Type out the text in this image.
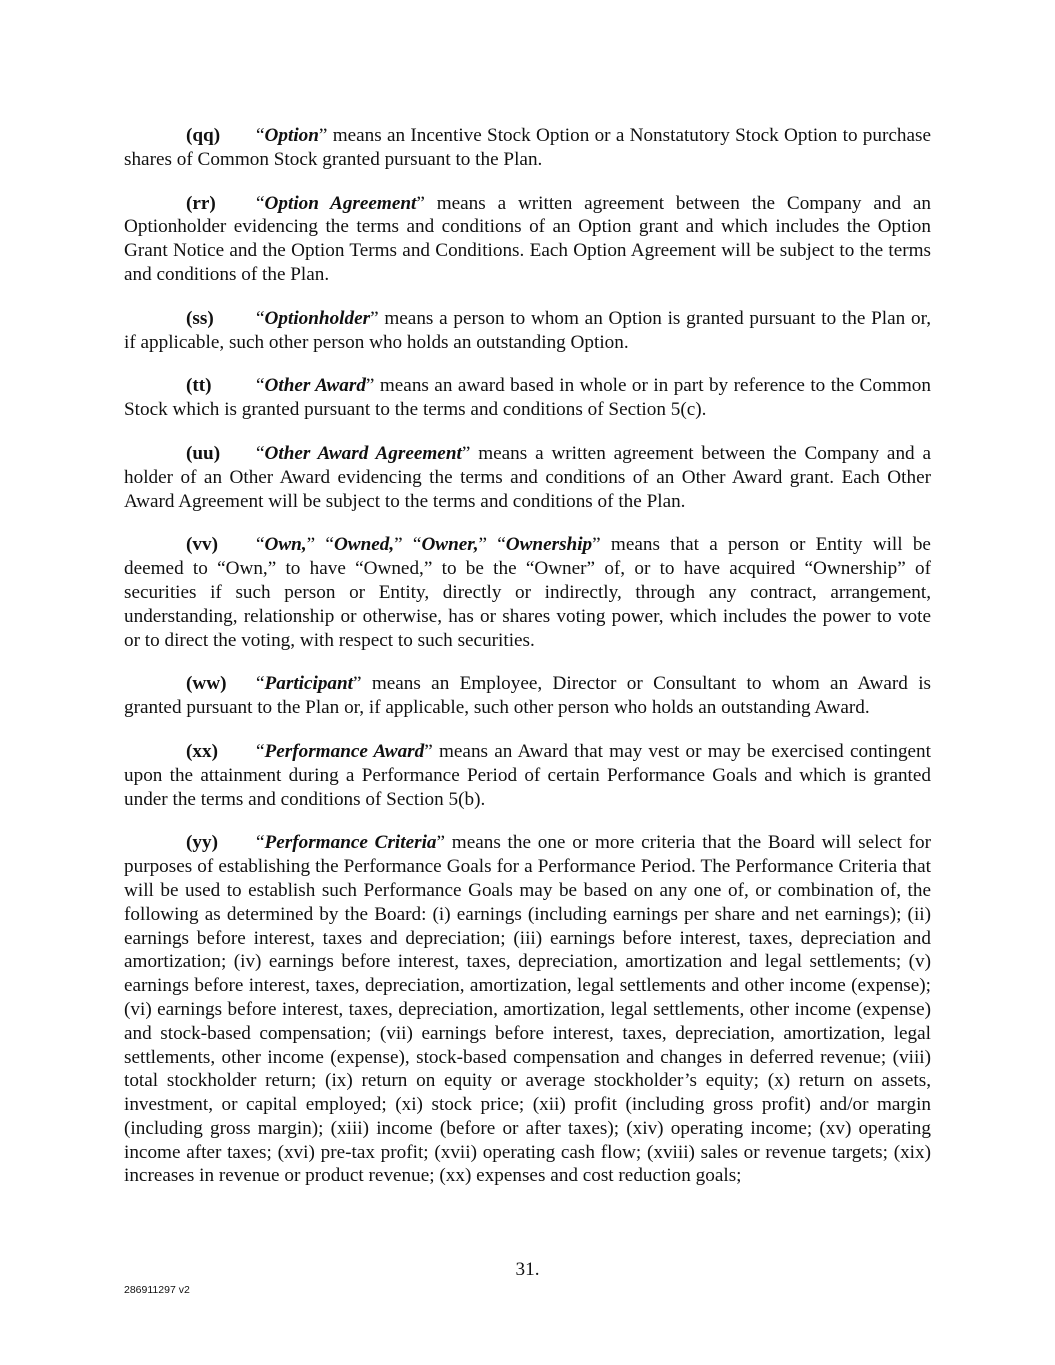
(qq) “Option” means an Incentive Stock Option or a Nonstatutory Stock Option to purchase shares of Common Stock granted pursuant to the Plan.

(rr) “Option Agreement” means a written agreement between the Company and an Optionholder evidencing the terms and conditions of an Option grant and which includes the Option Grant Notice and the Option Terms and Conditions. Each Option Agreement will be subject to the terms and conditions of the Plan.

(ss) “Optionholder” means a person to whom an Option is granted pursuant to the Plan or, if applicable, such other person who holds an outstanding Option.

(tt) “Other Award” means an award based in whole or in part by reference to the Common Stock which is granted pursuant to the terms and conditions of Section 5(c).

(uu) “Other Award Agreement” means a written agreement between the Company and a holder of an Other Award evidencing the terms and conditions of an Other Award grant. Each Other Award Agreement will be subject to the terms and conditions of the Plan.

(vv) “Own,” “Owned,” “Owner,” “Ownership” means that a person or Entity will be deemed to “Own,” to have “Owned,” to be the “Owner” of, or to have acquired “Ownership” of securities if such person or Entity, directly or indirectly, through any contract, arrangement, understanding, relationship or otherwise, has or shares voting power, which includes the power to vote or to direct the voting, with respect to such securities.

(ww) “Participant” means an Employee, Director or Consultant to whom an Award is granted pursuant to the Plan or, if applicable, such other person who holds an outstanding Award.

(xx) “Performance Award” means an Award that may vest or may be exercised contingent upon the attainment during a Performance Period of certain Performance Goals and which is granted under the terms and conditions of Section 5(b).

(yy) “Performance Criteria” means the one or more criteria that the Board will select for purposes of establishing the Performance Goals for a Performance Period. The Performance Criteria that will be used to establish such Performance Goals may be based on any one of, or combination of, the following as determined by the Board: (i) earnings (including earnings per share and net earnings); (ii) earnings before interest, taxes and depreciation; (iii) earnings before interest, taxes, depreciation and amortization; (iv) earnings before interest, taxes, depreciation, amortization and legal settlements; (v) earnings before interest, taxes, depreciation, amortization, legal settlements and other income (expense); (vi) earnings before interest, taxes, depreciation, amortization, legal settlements, other income (expense) and stock-based compensation; (vii) earnings before interest, taxes, depreciation, amortization, legal settlements, other income (expense), stock-based compensation and changes in deferred revenue; (viii) total stockholder return; (ix) return on equity or average stockholder’s equity; (x) return on assets, investment, or capital employed; (xi) stock price; (xii) profit (including gross profit) and/or margin (including gross margin); (xiii) income (before or after taxes); (xiv) operating income; (xv) operating income after taxes; (xvi) pre-tax profit; (xvii) operating cash flow; (xviii) sales or revenue targets; (xix) increases in revenue or product revenue; (xx) expenses and cost reduction goals;

31.
286911297 v2
